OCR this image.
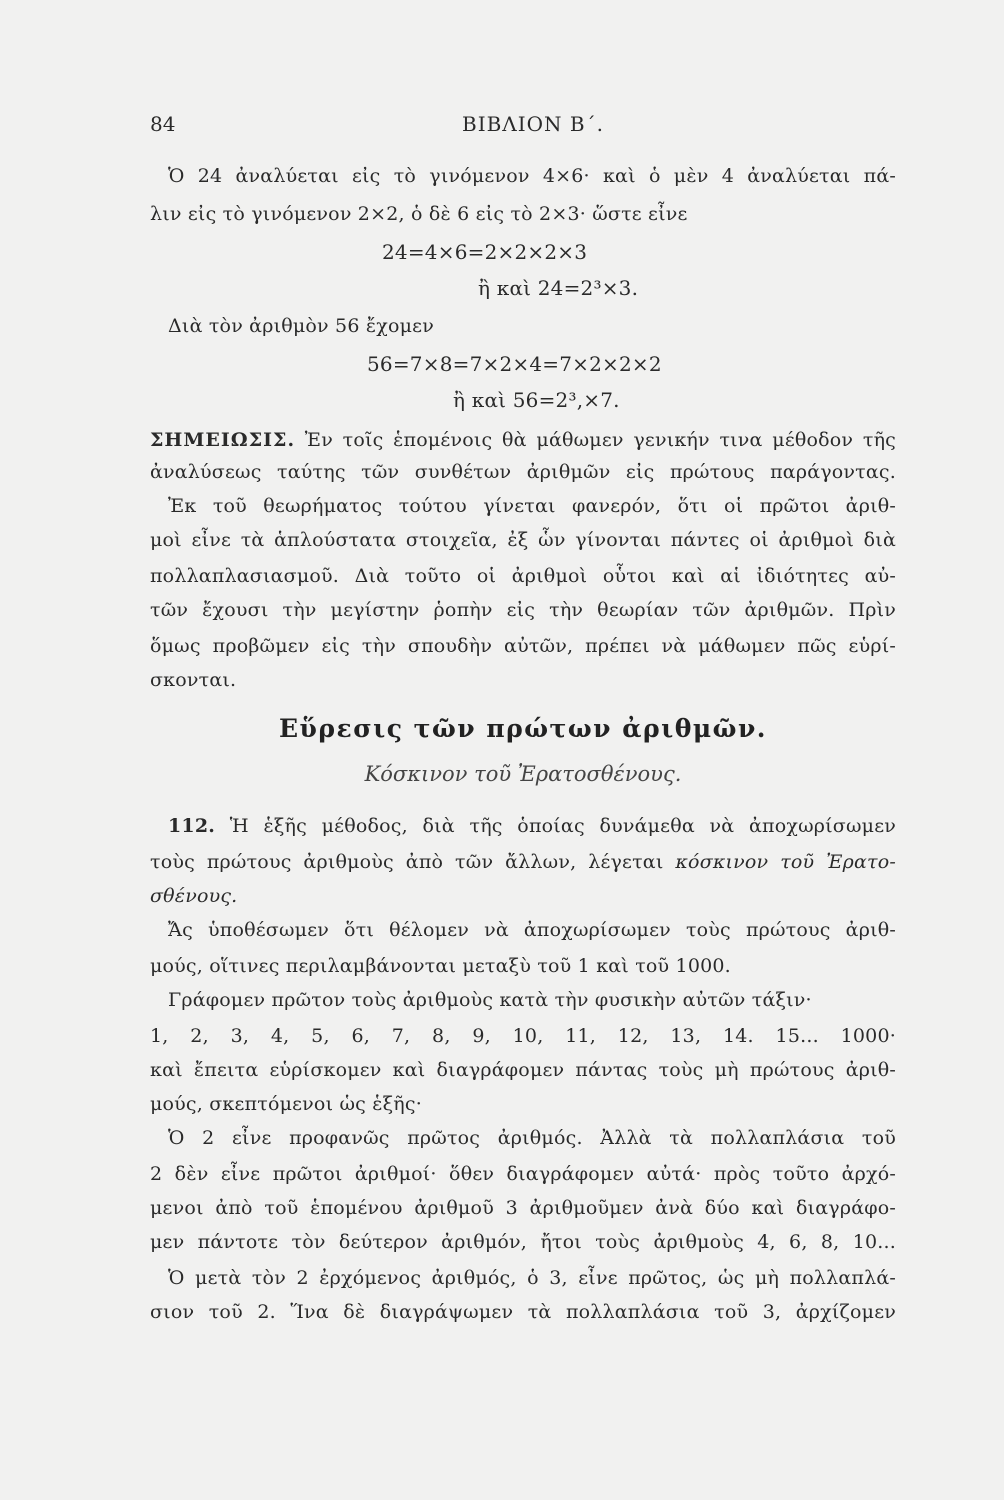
84	ΒΙΒΛΙΟΝ Β΄.
Ὁ 24 ἀναλύεται εἰς τὸ γινόμενον 4×6· καὶ ὁ μὲν 4 ἀναλύεται πά-
λιν εἰς τὸ γινόμενον 2×2, ὁ δὲ 6 εἰς τὸ 2×3· ὥστε εἶνε
24=4×6=2×2×2×3
ἢ καὶ 24=2³×3.
Διὰ τὸν ἀριθμὸν 56 ἔχομεν
56=7×8=7×2×4=7×2×2×2
ἢ καὶ 56=2³,×7.
ΣΗΜΕΙΩΣΙΣ. Ἐν τοῖς ἑπομένοις θὰ μάθωμεν γενικήν τινα μέθοδον τῆς
ἀναλύσεως ταύτης τῶν συνθέτων ἀριθμῶν εἰς πρώτους παράγοντας.
Ἐκ τοῦ θεωρήματος τούτου γίνεται φανερόν, ὅτι οἱ πρῶτοι ἀριθ-
μοὶ εἶνε τὰ ἁπλούστατα στοιχεῖα, ἐξ ὧν γίνονται πάντες οἱ ἀριθμοὶ διὰ
πολλαπλασιασμοῦ. Διὰ τοῦτο οἱ ἀριθμοὶ οὗτοι καὶ αἱ ἰδιότητες αὐ-
τῶν ἔχουσι τὴν μεγίστην ῥοπὴν εἰς τὴν θεωρίαν τῶν ἀριθμῶν. Πρὶν
ὅμως προβῶμεν εἰς τὴν σπουδὴν αὐτῶν, πρέπει νὰ μάθωμεν πῶς εὑρί-
σκονται.
Εὕρεσις τῶν πρώτων ἀριθμῶν.
Κόσκινον τοῦ Ἐρατοσθένους.
112. Ἡ ἑξῆς μέθοδος, διὰ τῆς ὁποίας δυνάμεθα νὰ ἀποχωρίσωμεν
τοὺς πρώτους ἀριθμοὺς ἀπὸ τῶν ἄλλων, λέγεται κόσκινον τοῦ Ἐρατο-
σθένους.
Ἄς ὑποθέσωμεν ὅτι θέλομεν νὰ ἀποχωρίσωμεν τοὺς πρώτους ἀριθ-
μούς, οἵτινες περιλαμβάνονται μεταξὺ τοῦ 1 καὶ τοῦ 1000.
Γράφομεν πρῶτον τοὺς ἀριθμοὺς κατὰ τὴν φυσικὴν αὐτῶν τάξιν·
1, 2, 3, 4, 5, 6, 7, 8, 9, 10, 11, 12, 13, 14. 15... 1000·
καὶ ἔπειτα εὑρίσκομεν καὶ διαγράφομεν πάντας τοὺς μὴ πρώτους ἀριθ-
μούς, σκεπτόμενοι ὡς ἑξῆς·
Ὁ 2 εἶνε προφανῶς πρῶτος ἀριθμός. Ἀλλὰ τὰ πολλαπλάσια τοῦ
2 δὲν εἶνε πρῶτοι ἀριθμοί· ὅθεν διαγράφομεν αὐτά· πρὸς τοῦτο ἀρχό-
μενοι ἀπὸ τοῦ ἑπομένου ἀριθμοῦ 3 ἀριθμοῦμεν ἀνὰ δύο καὶ διαγράφο-
μεν πάντοτε τὸν δεύτερον ἀριθμόν, ἤτοι τοὺς ἀριθμοὺς 4, 6, 8, 10...
Ὁ μετὰ τὸν 2 ἐρχόμενος ἀριθμός, ὁ 3, εἶνε πρῶτος, ὡς μὴ πολλαπλά-
σιον τοῦ 2. Ἵνα δὲ διαγράψωμεν τὰ πολλαπλάσια τοῦ 3, ἀρχίζομεν
